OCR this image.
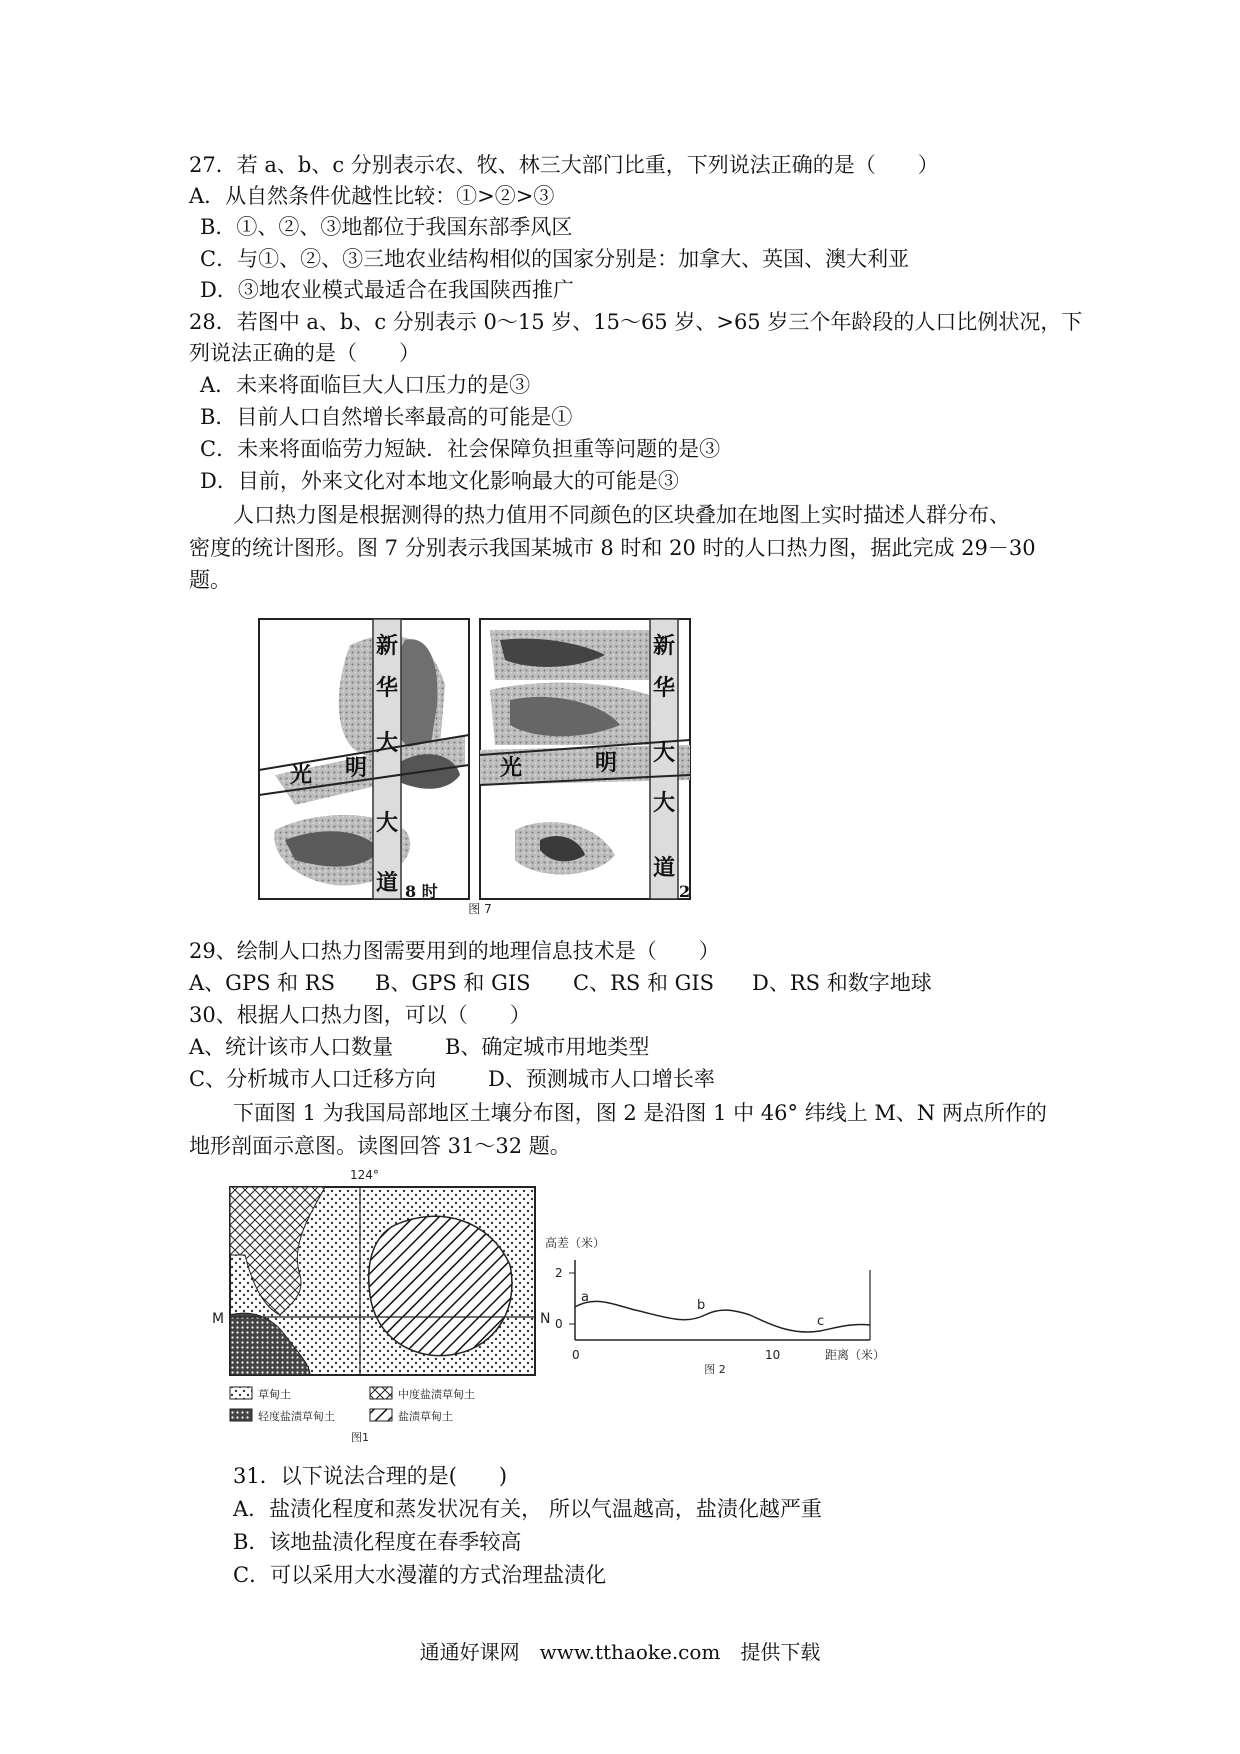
27．若 a、b、c 分别表示农、牧、林三大部门比重，下列说法正确的是（　　）
A．从自然条件优越性比较：①>②>③
B．①、②、③地都位于我国东部季风区
C．与①、②、③三地农业结构相似的国家分别是：加拿大、英国、澳大利亚
D．③地农业模式最适合在我国陕西推广
28．若图中 a、b、c 分别表示 0～15 岁、15～65 岁、>65 岁三个年龄段的人口比例状况，下
列说法正确的是（　　）
A．未来将面临巨大人口压力的是③
B．目前人口自然增长率最高的可能是①
C．未来将面临劳力短缺．社会保障负担重等问题的是③
D．目前，外来文化对本地文化影响最大的可能是③
人口热力图是根据测得的热力值用不同颜色的区块叠加在地图上实时描述人群分布、
密度的统计图形。图 7 分别表示我国某城市 8 时和 20 时的人口热力图，据此完成 29－30
题。
新
华
大
大
道
光 明
8 时
新
华
大
大
道
光	明
2
图 7
29、绘制人口热力图需要用到的地理信息技术是（　　）
A、GPS 和 RS B、GPS 和 GIS C、RS 和 GIS D、RS 和数字地球
30、根据人口热力图，可以（　　）
A、统计该市人口数量 B、确定城市用地类型
C、分析城市人口迁移方向 D、预测城市人口增长率
下面图 1 为我国局部地区土壤分布图，图 2 是沿图 1 中 46° 纬线上 M、N 两点所作的
地形剖面示意图。读图回答 31～32 题。
124°
M	N
草甸土	中度盐渍草甸土
轻度盐渍草甸土	盐渍草甸土
图1
高差（米）
2
0
0	10	距离（米）
a
b
c
图 2
31．以下说法合理的是(　　)
A．盐渍化程度和蒸发状况有关， 所以气温越高，盐渍化越严重
B．该地盐渍化程度在春季较高
C．可以采用大水漫灌的方式治理盐渍化
通通好课网　www.tthaoke.com　提供下载
